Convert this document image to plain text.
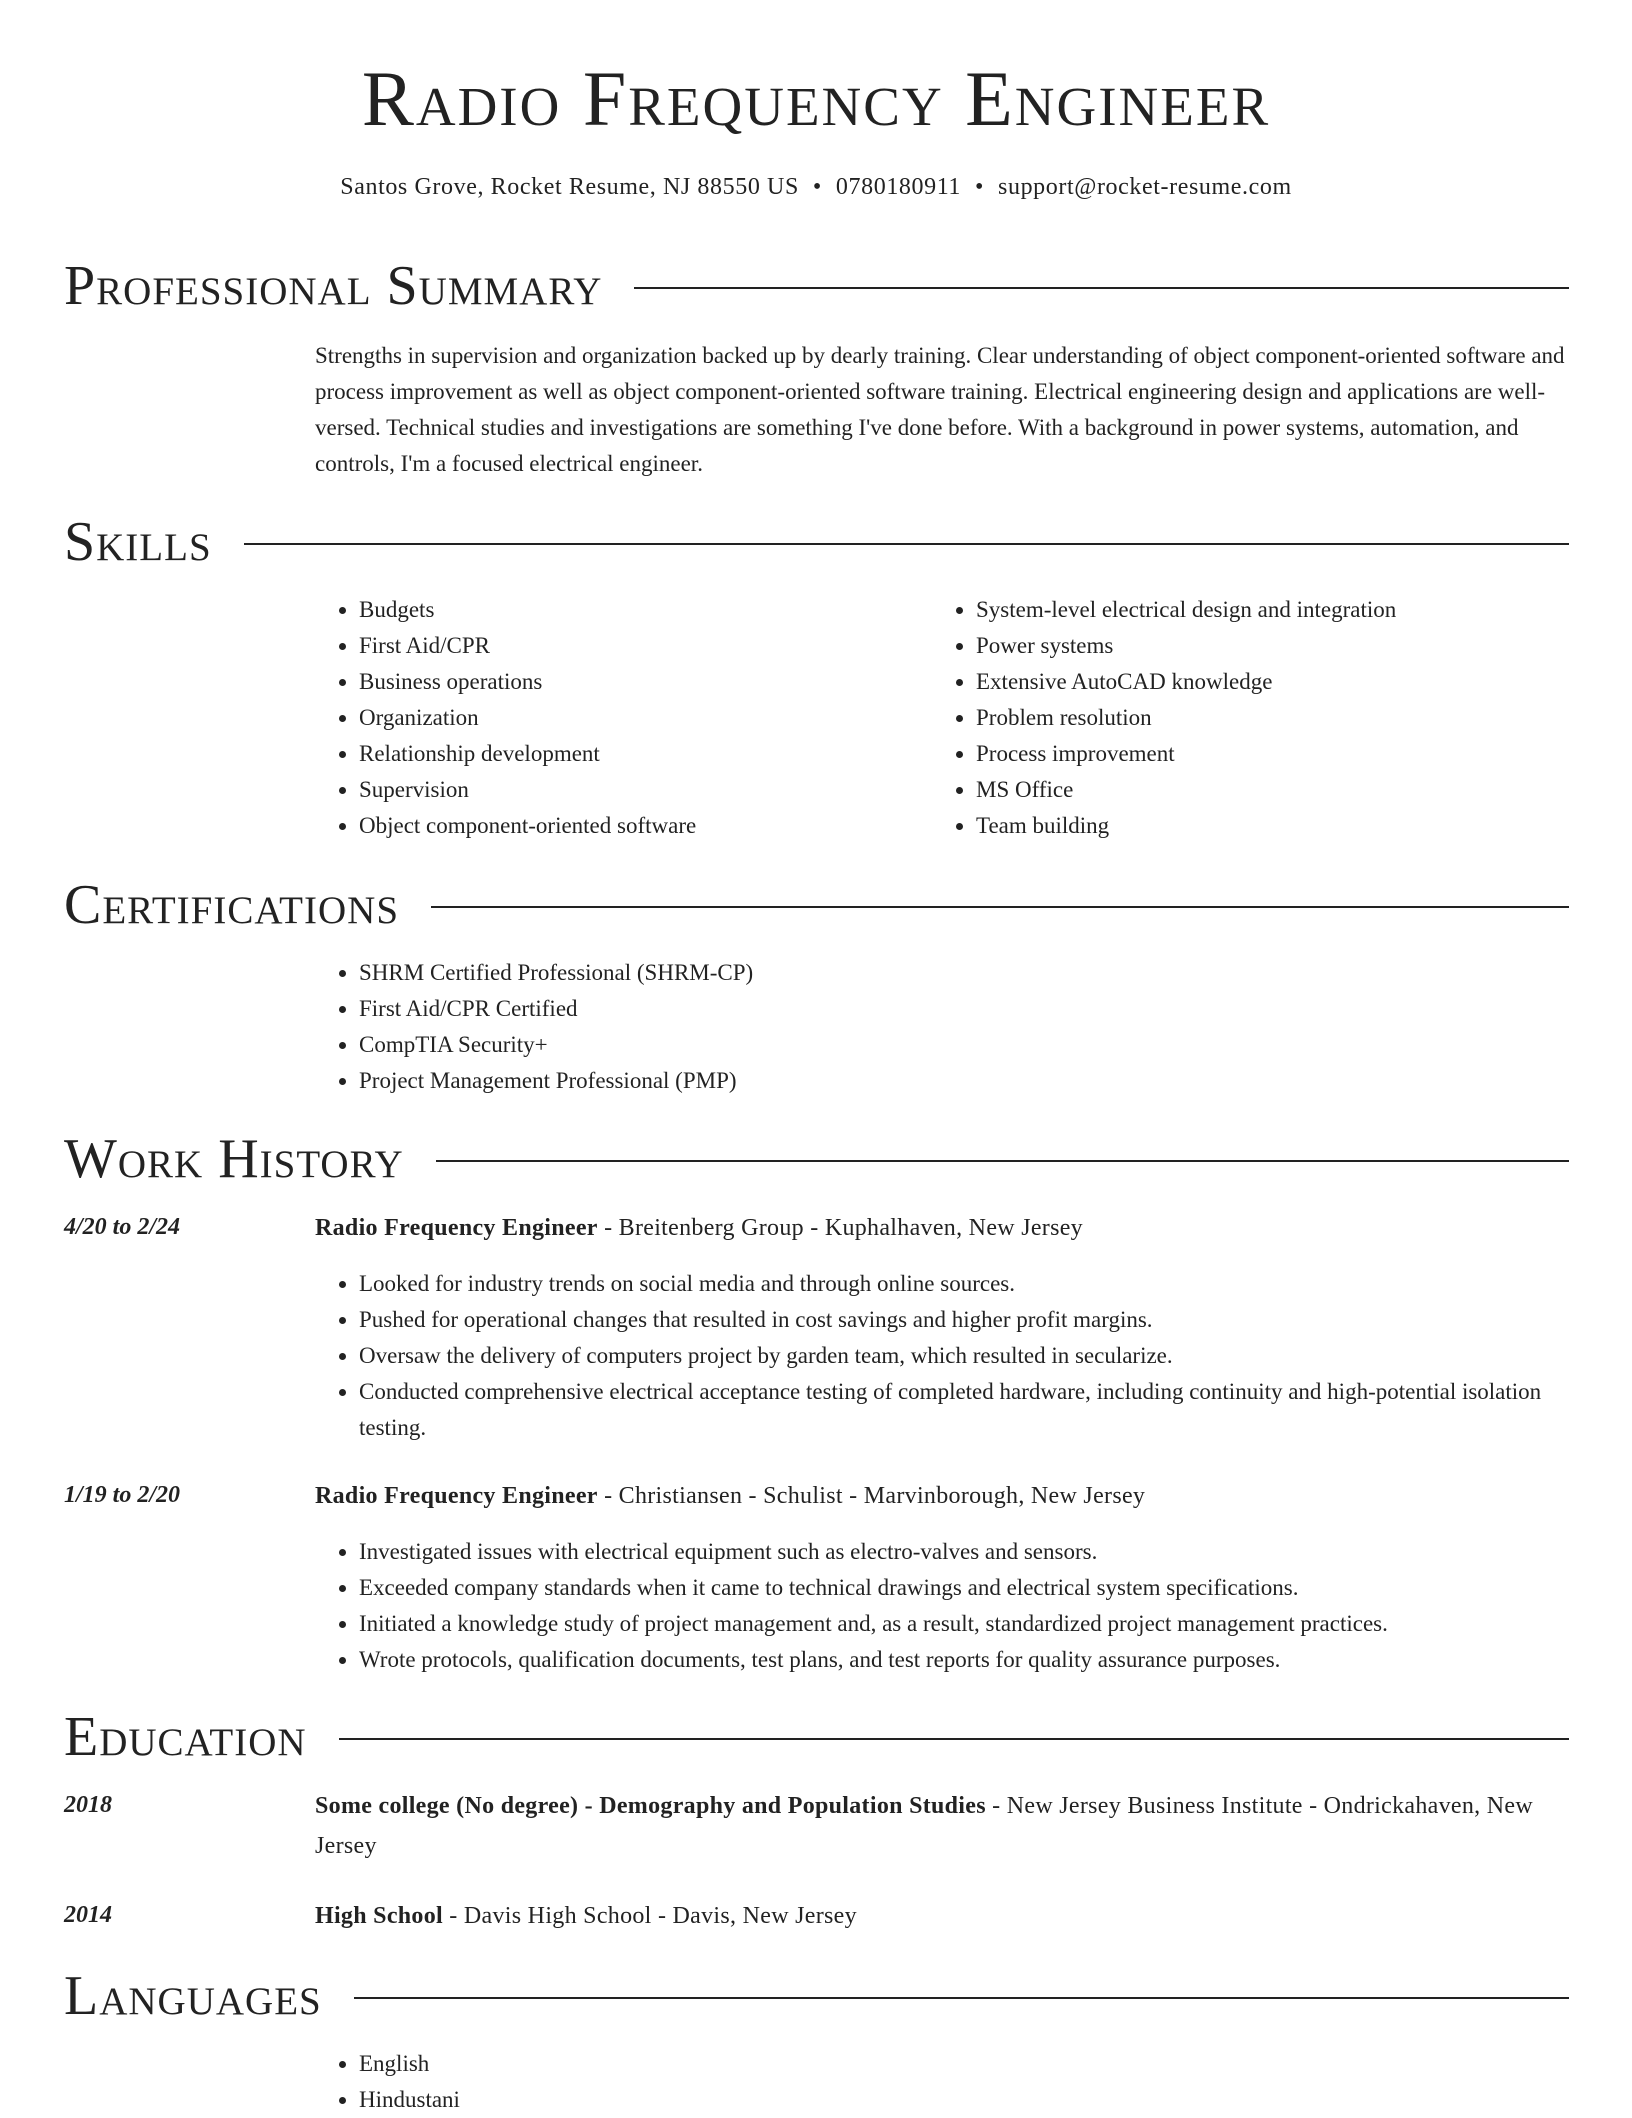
Radio Frequency Engineer
Santos Grove, Rocket Resume, NJ 88550 US • 0780180911 • support@rocket-resume.com
Professional Summary
Strengths in supervision and organization backed up by dearly training. Clear understanding of object component-oriented software and process improvement as well as object component-oriented software training. Electrical engineering design and applications are well-versed. Technical studies and investigations are something I've done before. With a background in power systems, automation, and controls, I'm a focused electrical engineer.
Skills
• Budgets
• First Aid/CPR
• Business operations
• Organization
• Relationship development
• Supervision
• Object component-oriented software
• System-level electrical design and integration
• Power systems
• Extensive AutoCAD knowledge
• Problem resolution
• Process improvement
• MS Office
• Team building
Certifications
• SHRM Certified Professional (SHRM-CP)
• First Aid/CPR Certified
• CompTIA Security+
• Project Management Professional (PMP)
Work History
4/20 to 2/24	Radio Frequency Engineer - Breitenberg Group - Kuphalhaven, New Jersey
• Looked for industry trends on social media and through online sources.
• Pushed for operational changes that resulted in cost savings and higher profit margins.
• Oversaw the delivery of computers project by garden team, which resulted in secularize.
• Conducted comprehensive electrical acceptance testing of completed hardware, including continuity and high-potential isolation testing.
1/19 to 2/20	Radio Frequency Engineer - Christiansen - Schulist - Marvinborough, New Jersey
• Investigated issues with electrical equipment such as electro-valves and sensors.
• Exceeded company standards when it came to technical drawings and electrical system specifications.
• Initiated a knowledge study of project management and, as a result, standardized project management practices.
• Wrote protocols, qualification documents, test plans, and test reports for quality assurance purposes.
Education
2018	Some college (No degree) - Demography and Population Studies - New Jersey Business Institute - Ondrickahaven, New Jersey
2014	High School - Davis High School - Davis, New Jersey
Languages
• English
• Hindustani
